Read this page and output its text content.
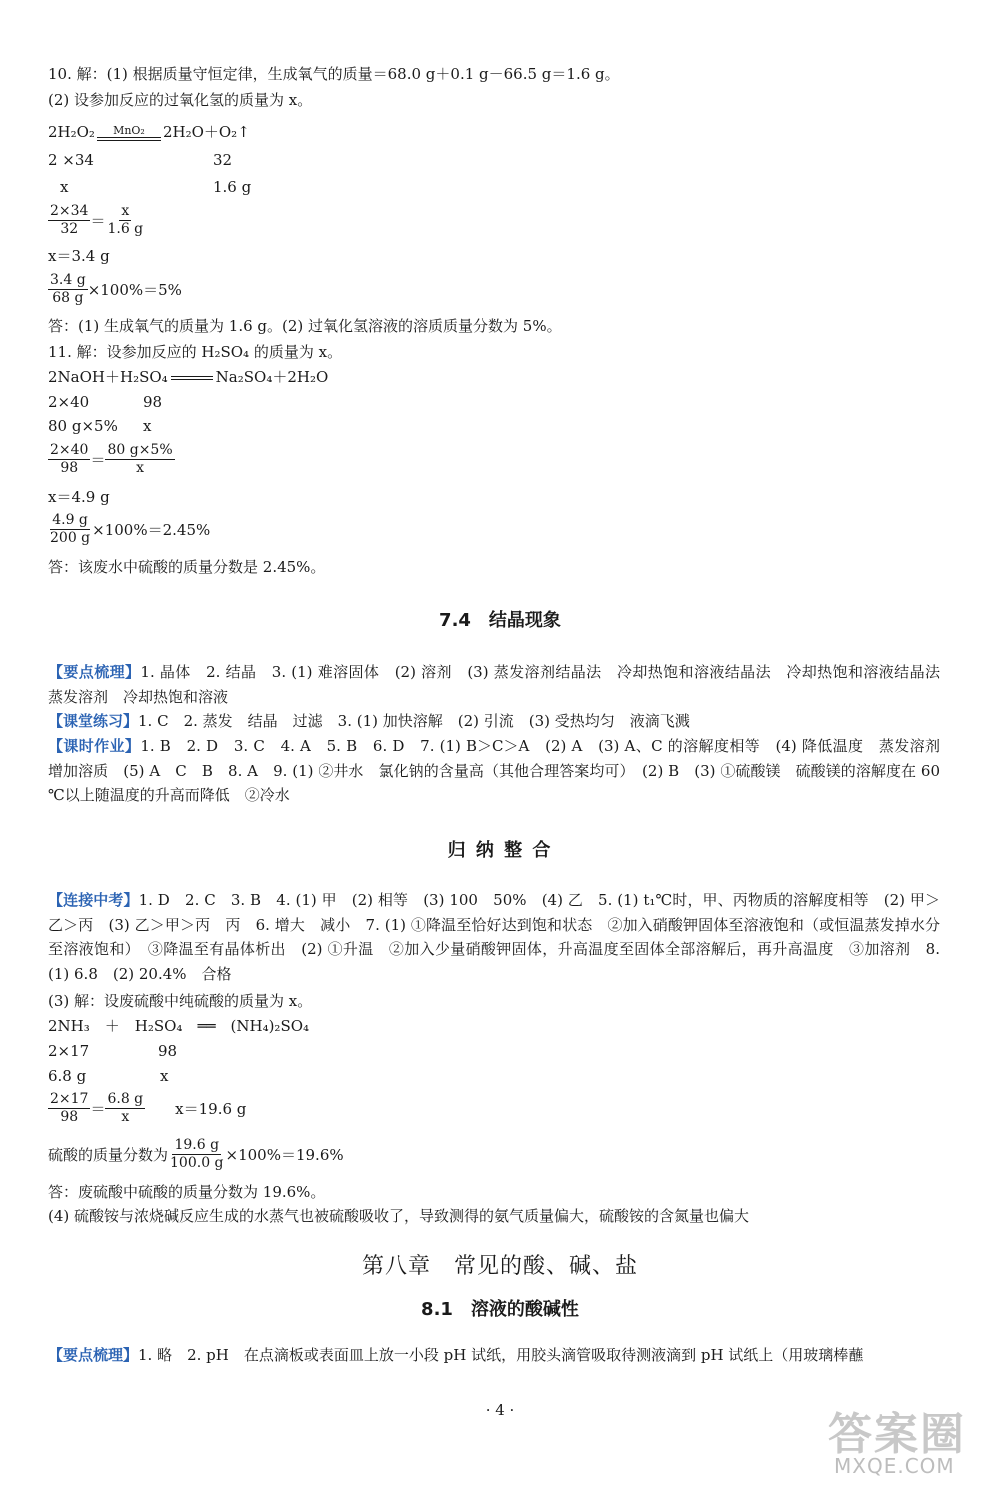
10. 解：(1) 根据质量守恒定律，生成氧气的质量＝68.0 g＋0.1 g－66.5 g＝1.6 g。
(2) 设参加反应的过氧化氢的质量为 x。
2H₂O₂ MnO₂ 2H₂O＋O₂↑
2 ×34	32
x	1.6 g
$\frac{2\times 34}{32} = \frac{x}{1.6 g}$
x＝3.4 g
$\frac{3.4 g}{68 g} \times 100\%=5\%$
答：(1) 生成氧气的质量为 1.6 g。(2) 过氧化氢溶液的溶质质量分数为 5%。
11. 解：设参加反应的 H₂SO₄ 的质量为 x。
2NaOH＋H₂SO₄	Na₂SO₄＋2H₂O
2×40	98
80 g×5% x
$\frac{2\times 40}{98} = \frac{80 g\times 5\%}{x}$
x＝4.9 g
$\frac{4.9 g}{200 g} \times 100\%=2.45\%$
答：该废水中硫酸的质量分数是 2.45%。
7.4　结晶现象
【要点梳理】1. 晶体　2. 结晶　3. (1) 难溶固体　(2) 溶剂　(3) 蒸发溶剂结晶法　冷却热饱和溶液结晶法　冷却热饱和溶液结晶法　蒸发溶剂　冷却热饱和溶液
【课堂练习】1. C　2. 蒸发　结晶　过滤　3. (1) 加快溶解　(2) 引流　(3) 受热均匀　液滴飞溅
【课时作业】1. B　2. D　3. C　4. A　5. B　6. D　7. (1) B＞C＞A　(2) A　(3) A、C 的溶解度相等　(4) 降低温度　蒸发溶剂　增加溶质　(5) A　C　B　8. A　9. (1) ②井水　氯化钠的含量高（其他合理答案均可）　(2) B　(3) ①硫酸镁　硫酸镁的溶解度在 60 ℃以上随温度的升高而降低　②冷水
归 纳 整 合
【连接中考】1. D　2. C　3. B　4. (1) 甲　(2) 相等　(3) 100　50%　(4) 乙　5. (1) t₁℃时，甲、丙物质的溶解度相等　(2) 甲＞乙＞丙　(3) 乙＞甲＞丙　丙　6. 增大　减小　7. (1) ①降温至恰好达到饱和状态　②加入硝酸钾固体至溶液饱和（或恒温蒸发掉水分至溶液饱和）　③降温至有晶体析出　(2) ①升温　②加入少量硝酸钾固体，升高温度至固体全部溶解后，再升高温度　③加溶剂　8. (1) 6.8　(2) 20.4%　合格
(3) 解：设废硫酸中纯硫酸的质量为 x。
2NH₃　＋　H₂SO₄　══　(NH₄)₂SO₄
2×17	98
6.8 g	x
$\frac{2\times 17}{98} = \frac{6.8 g}{x} x=19.6$ g
硫酸的质量分数为 $\frac{19.6 g}{100.0 g} \times 100\%=19.6\%$
答：废硫酸中硫酸的质量分数为 19.6%。
(4) 硫酸铵与浓烧碱反应生成的水蒸气也被硫酸吸收了，导致测得的氨气质量偏大，硫酸铵的含氮量也偏大
第八章　常见的酸、碱、盐
8.1　溶液的酸碱性
【要点梳理】1. 略　2. pH　在点滴板或表面皿上放一小段 pH 试纸，用胶头滴管吸取待测液滴到 pH 试纸上（用玻璃棒蘸
· 4 ·	答案圈
MXQE.COM
